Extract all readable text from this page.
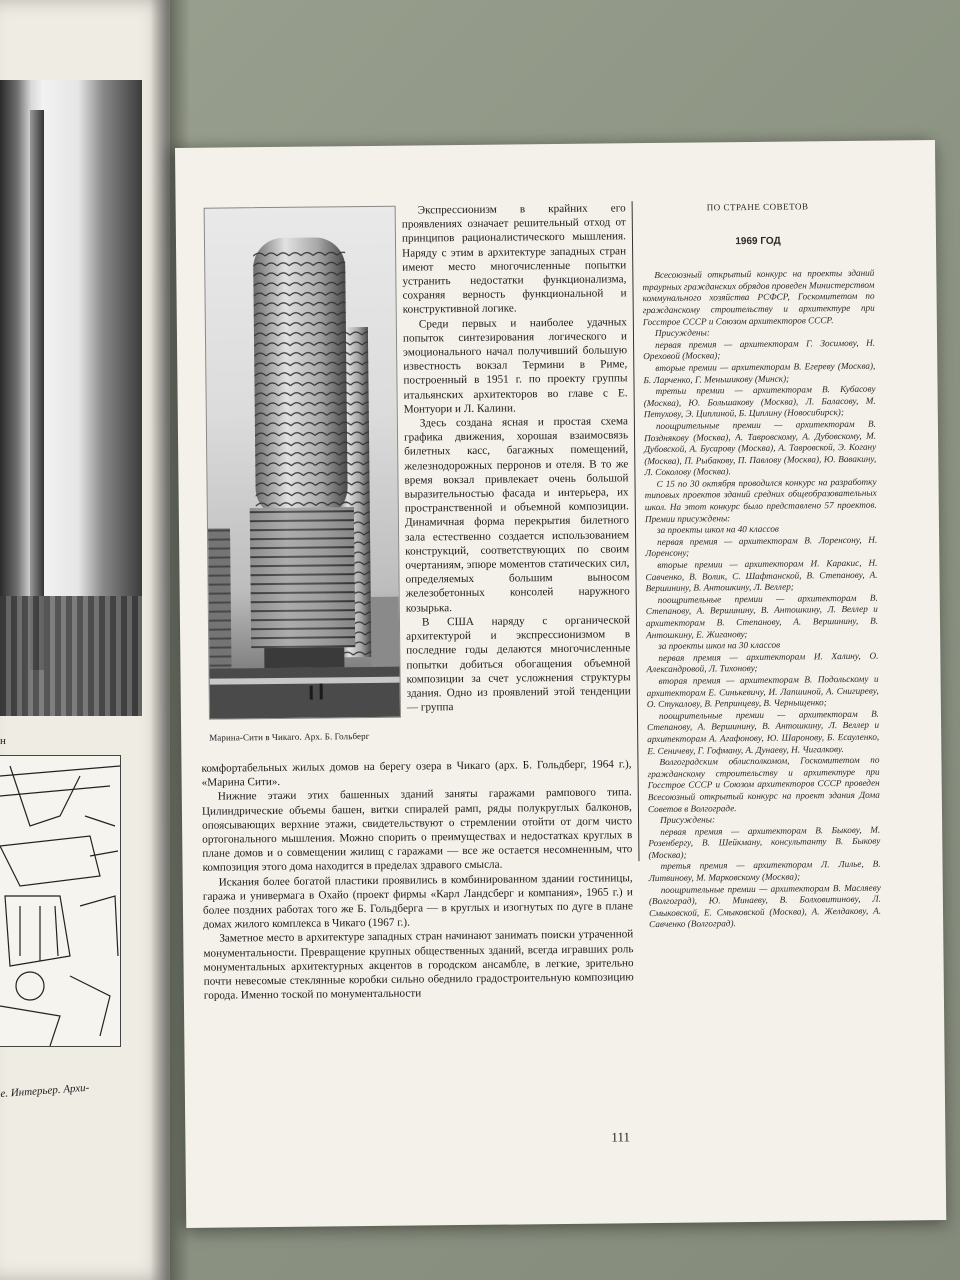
н
е. Интерьер. Архи-
Марина-Сити в Чикаго. Арх. Б. Гольберг

Экспрессионизм в крайних его проявлениях означает решительный отход от принципов рационалистического мышления. Наряду с этим в архитектуре западных стран имеют место многочисленные попытки устранить недостатки функционализма, сохраняя верность функциональной и конструктивной логике.

Среди первых и наиболее удачных попыток синтезирования логического и эмоционального начал получивший большую известность вокзал Термини в Риме, построенный в 1951 г. по проекту группы итальянских архитекторов во главе с Е. Монтуори и Л. Калини.

Здесь создана ясная и простая схема графика движения, хорошая взаимосвязь билетных касс, багажных помещений, железнодорожных перронов и отеля. В то же время вокзал привлекает очень большой выразительностью фасада и интерьера, их пространственной и объемной композиции. Динамичная форма перекрытия билетного зала естественно создается использованием конструкций, соответствующих по своим очертаниям, эпюре моментов статических сил, определяемых большим выносом железобетонных консолей наружного козырька.

В США наряду с органической архитектурой и экспрессионизмом в последние годы делаются многочисленные попытки добиться обогащения объемной композиции за счет усложнения структуры здания. Одно из проявлений этой тенденции — группа

комфортабельных жилых домов на берегу озера в Чикаго (арх. Б. Гольдберг, 1964 г.), «Марина Сити».

Нижние этажи этих башенных зданий заняты гаражами рампового типа. Цилиндрические объемы башен, витки спиралей рамп, ряды полукруглых балконов, опоясывающих верхние этажи, свидетельствуют о стремлении отойти от догм чисто ортогонального мышления. Можно спорить о преимуществах и недостатках круглых в плане домов и о совмещении жилищ с гаражами — все же остается несомненным, что композиция этого дома находится в пределах здравого смысла.

Искания более богатой пластики проявились в комбинированном здании гостиницы, гаража и универмага в Охайо (проект фирмы «Карл Ландсберг и компания», 1965 г.) и более поздних работах того же Б. Гольдберга — в круглых и изогнутых по дуге в плане домах жилого комплекса в Чикаго (1967 г.).

Заметное место в архитектуре западных стран начинают занимать поиски утраченной монументальности. Превращение крупных общественных зданий, всегда игравших роль монументальных архитектурных акцентов в городском ансамбле, в легкие, зрительно почти невесомые стеклянные коробки сильно обеднило градостроительную композицию города. Именно тоской по монументальности

ПО СТРАНЕ СОВЕТОВ

1969 ГОД

Всесоюзный открытый конкурс на проекты зданий траурных гражданских обрядов проведен Министерством коммунального хозяйства РСФСР, Госкомитетом по гражданскому строительству и архитектуре при Госстрое СССР и Союзом архитекторов СССР.

Присуждены:

первая премия — архитекторам Г. Зосимову, Н. Ореховой (Москва);

вторые премии — архитекторам В. Егереву (Москва), Б. Ларченко, Г. Меньшикову (Минск);

третьи премии — архитекторам В. Кубасову (Москва), Ю. Большакову (Москва), Л. Баласову, М. Петухову, Э. Циплиной, Б. Циплину (Новосибирск);

поощрительные премии — архитекторам В. Позднякову (Москва), А. Тавровскому, А. Дубовскому, М. Дубовской, А. Бусарову (Москва), А. Тавровской, Э. Когану (Москва), П. Рыбакову, П. Павлову (Москва), Ю. Вавакину, Л. Соколову (Москва).

С 15 по 30 октября проводился конкурс на разработку типовых проектов зданий средних общеобразовательных школ. На этот конкурс было представлено 57 проектов. Премии присуждены:

за проекты школ на 40 классов

первая премия — архитекторам В. Лоренсону, Н. Лоренсону;

вторые премии — архитекторам И. Каракис, Н. Савченко, В. Волик, С. Шафтанской, В. Степанову, А. Вершинину, В. Антошкину, Л. Веллер;

поощрительные премии — архитекторам В. Степанову, А. Вершинину, В. Антошкину, Л. Веллер и архитекторам В. Степанову, А. Вершинину, В. Антошкину, Е. Жиганову;

за проекты школ на 30 классов

первая премия — архитекторам И. Халину, О. Александровой, Л. Тихонову;

вторая премия — архитекторам В. Подольскому и архитекторам Е. Синькевичу, И. Лапшиной, А. Снигиреву, О. Стукалову, В. Репринцеву, В. Черныщенко;

поощрительные премии — архитекторам В. Степанову, А. Вершинину, В. Антошкину, Л. Веллер и архитекторам А. Агафонову, Ю. Шаронову, Б. Есауленко, Е. Сеничеву, Г. Гофману, А. Дунаеву, Н. Чигалкову.

Волгоградским облисполкомом, Госкомитетом по гражданскому строительству и архитектуре при Госстрое СССР и Союзом архитекторов СССР проведен Всесоюзный открытый конкурс на проект здания Дома Советов в Волгограде.

Присуждены:

первая премия — архитекторам В. Быкову, М. Розенбергу, В. Шейкману, консультанту В. Быкову (Москва);

третья премия — архитекторам Л. Лилье, В. Литвинову, М. Марковскому (Москва);

поощрительные премии — архитекторам В. Масляеву (Волгоград), Ю. Минаеву, В. Болховитинову, Л. Смыковской, Е. Смыковской (Москва), А. Желдакову, А. Савченко (Волгоград).

111
